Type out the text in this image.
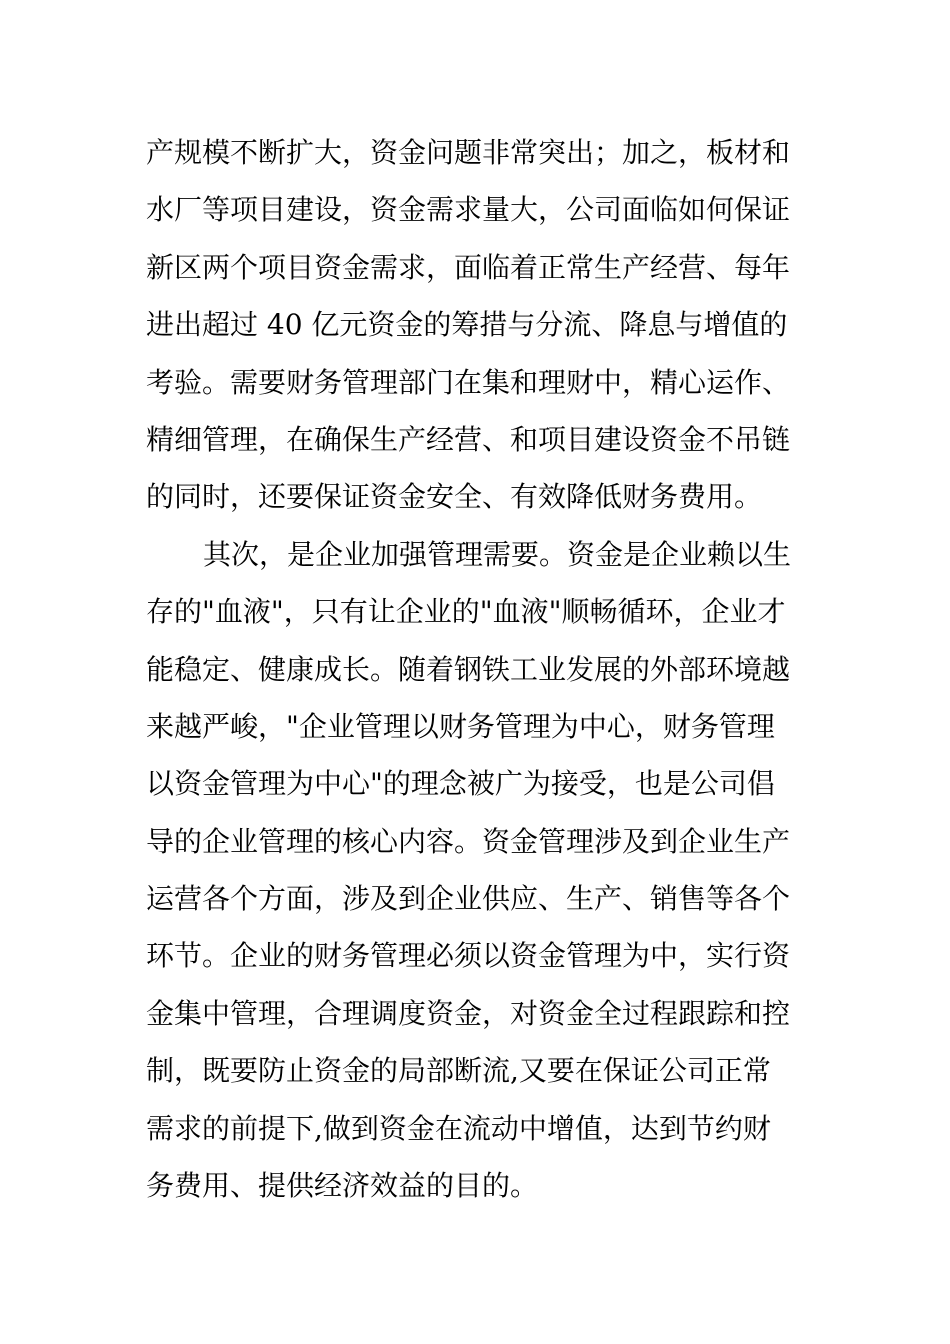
产规模不断扩大，资金问题非常突出；加之，板材和
水厂等项目建设，资金需求量大，公司面临如何保证
新区两个项目资金需求，面临着正常生产经营、每年
进出超过 40 亿元资金的筹措与分流、降息与增值的
考验。需要财务管理部门在集和理财中，精心运作、
精细管理，在确保生产经营、和项目建设资金不吊链
的同时，还要保证资金安全、有效降低财务费用。
其次，是企业加强管理需要。资金是企业赖以生
存的"血液"，只有让企业的"血液"顺畅循环，企业才
能稳定、健康成长。随着钢铁工业发展的外部环境越
来越严峻，"企业管理以财务管理为中心，财务管理
以资金管理为中心"的理念被广为接受，也是公司倡
导的企业管理的核心内容。资金管理涉及到企业生产
运营各个方面，涉及到企业供应、生产、销售等各个
环节。企业的财务管理必须以资金管理为中，实行资
金集中管理，合理调度资金，对资金全过程跟踪和控
制，既要防止资金的局部断流,又要在保证公司正常
需求的前提下,做到资金在流动中增值，达到节约财
务费用、提供经济效益的目的。
